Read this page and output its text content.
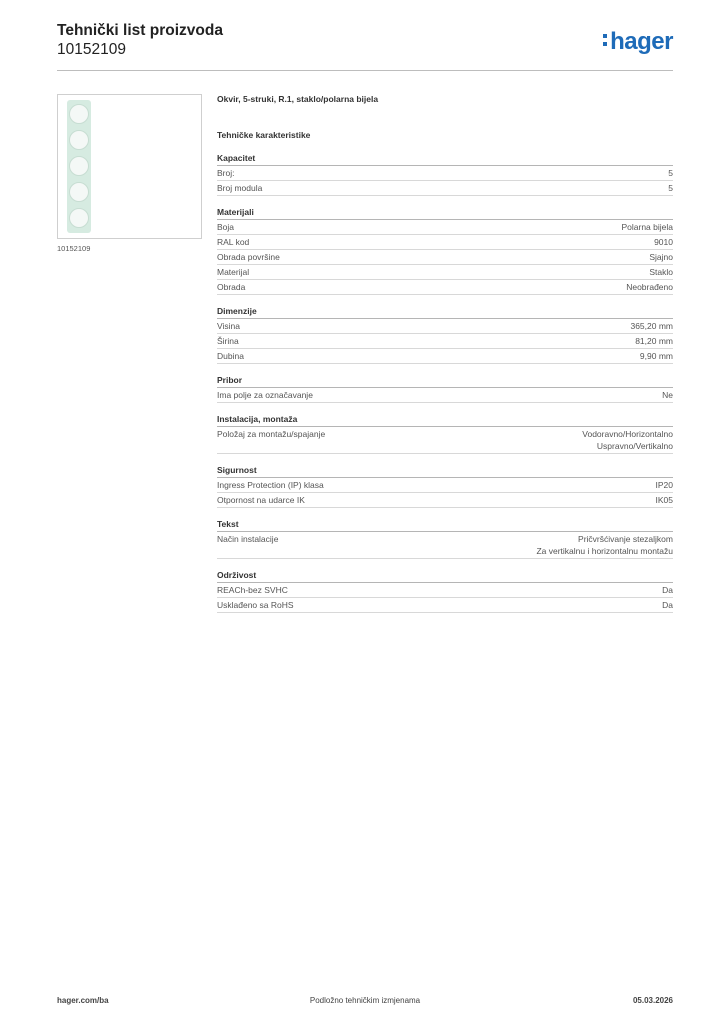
Tehnički list proizvoda
10152109	hager
10152109
Okvir, 5-struki, R.1, staklo/polarna bijela
Tehničke karakteristike
Kapacitet
Broj:	5
Broj modula	5
Materijali
Boja	Polarna bijela
RAL kod	9010
Obrada površine	Sjajno
Materijal	Staklo
Obrada	Neobrađeno
Dimenzije
Visina	365,20 mm
Širina	81,20 mm
Dubina	9,90 mm
Pribor
Ima polje za označavanje	Ne
Instalacija, montaža
Položaj za montažu/spajanje	Vodoravno/Horizontalno
Uspravno/Vertikalno
Sigurnost
Ingress Protection (IP) klasa	IP20
Otpornost na udarce IK	IK05
Tekst
Način instalacije	Pričvršćivanje stezaljkom
Za vertikalnu i horizontalnu montažu
Održivost
REACh-bez SVHC	Da
Usklađeno sa RoHS	Da
hager.com/ba	Podložno tehničkim izmjenama	05.03.2026
